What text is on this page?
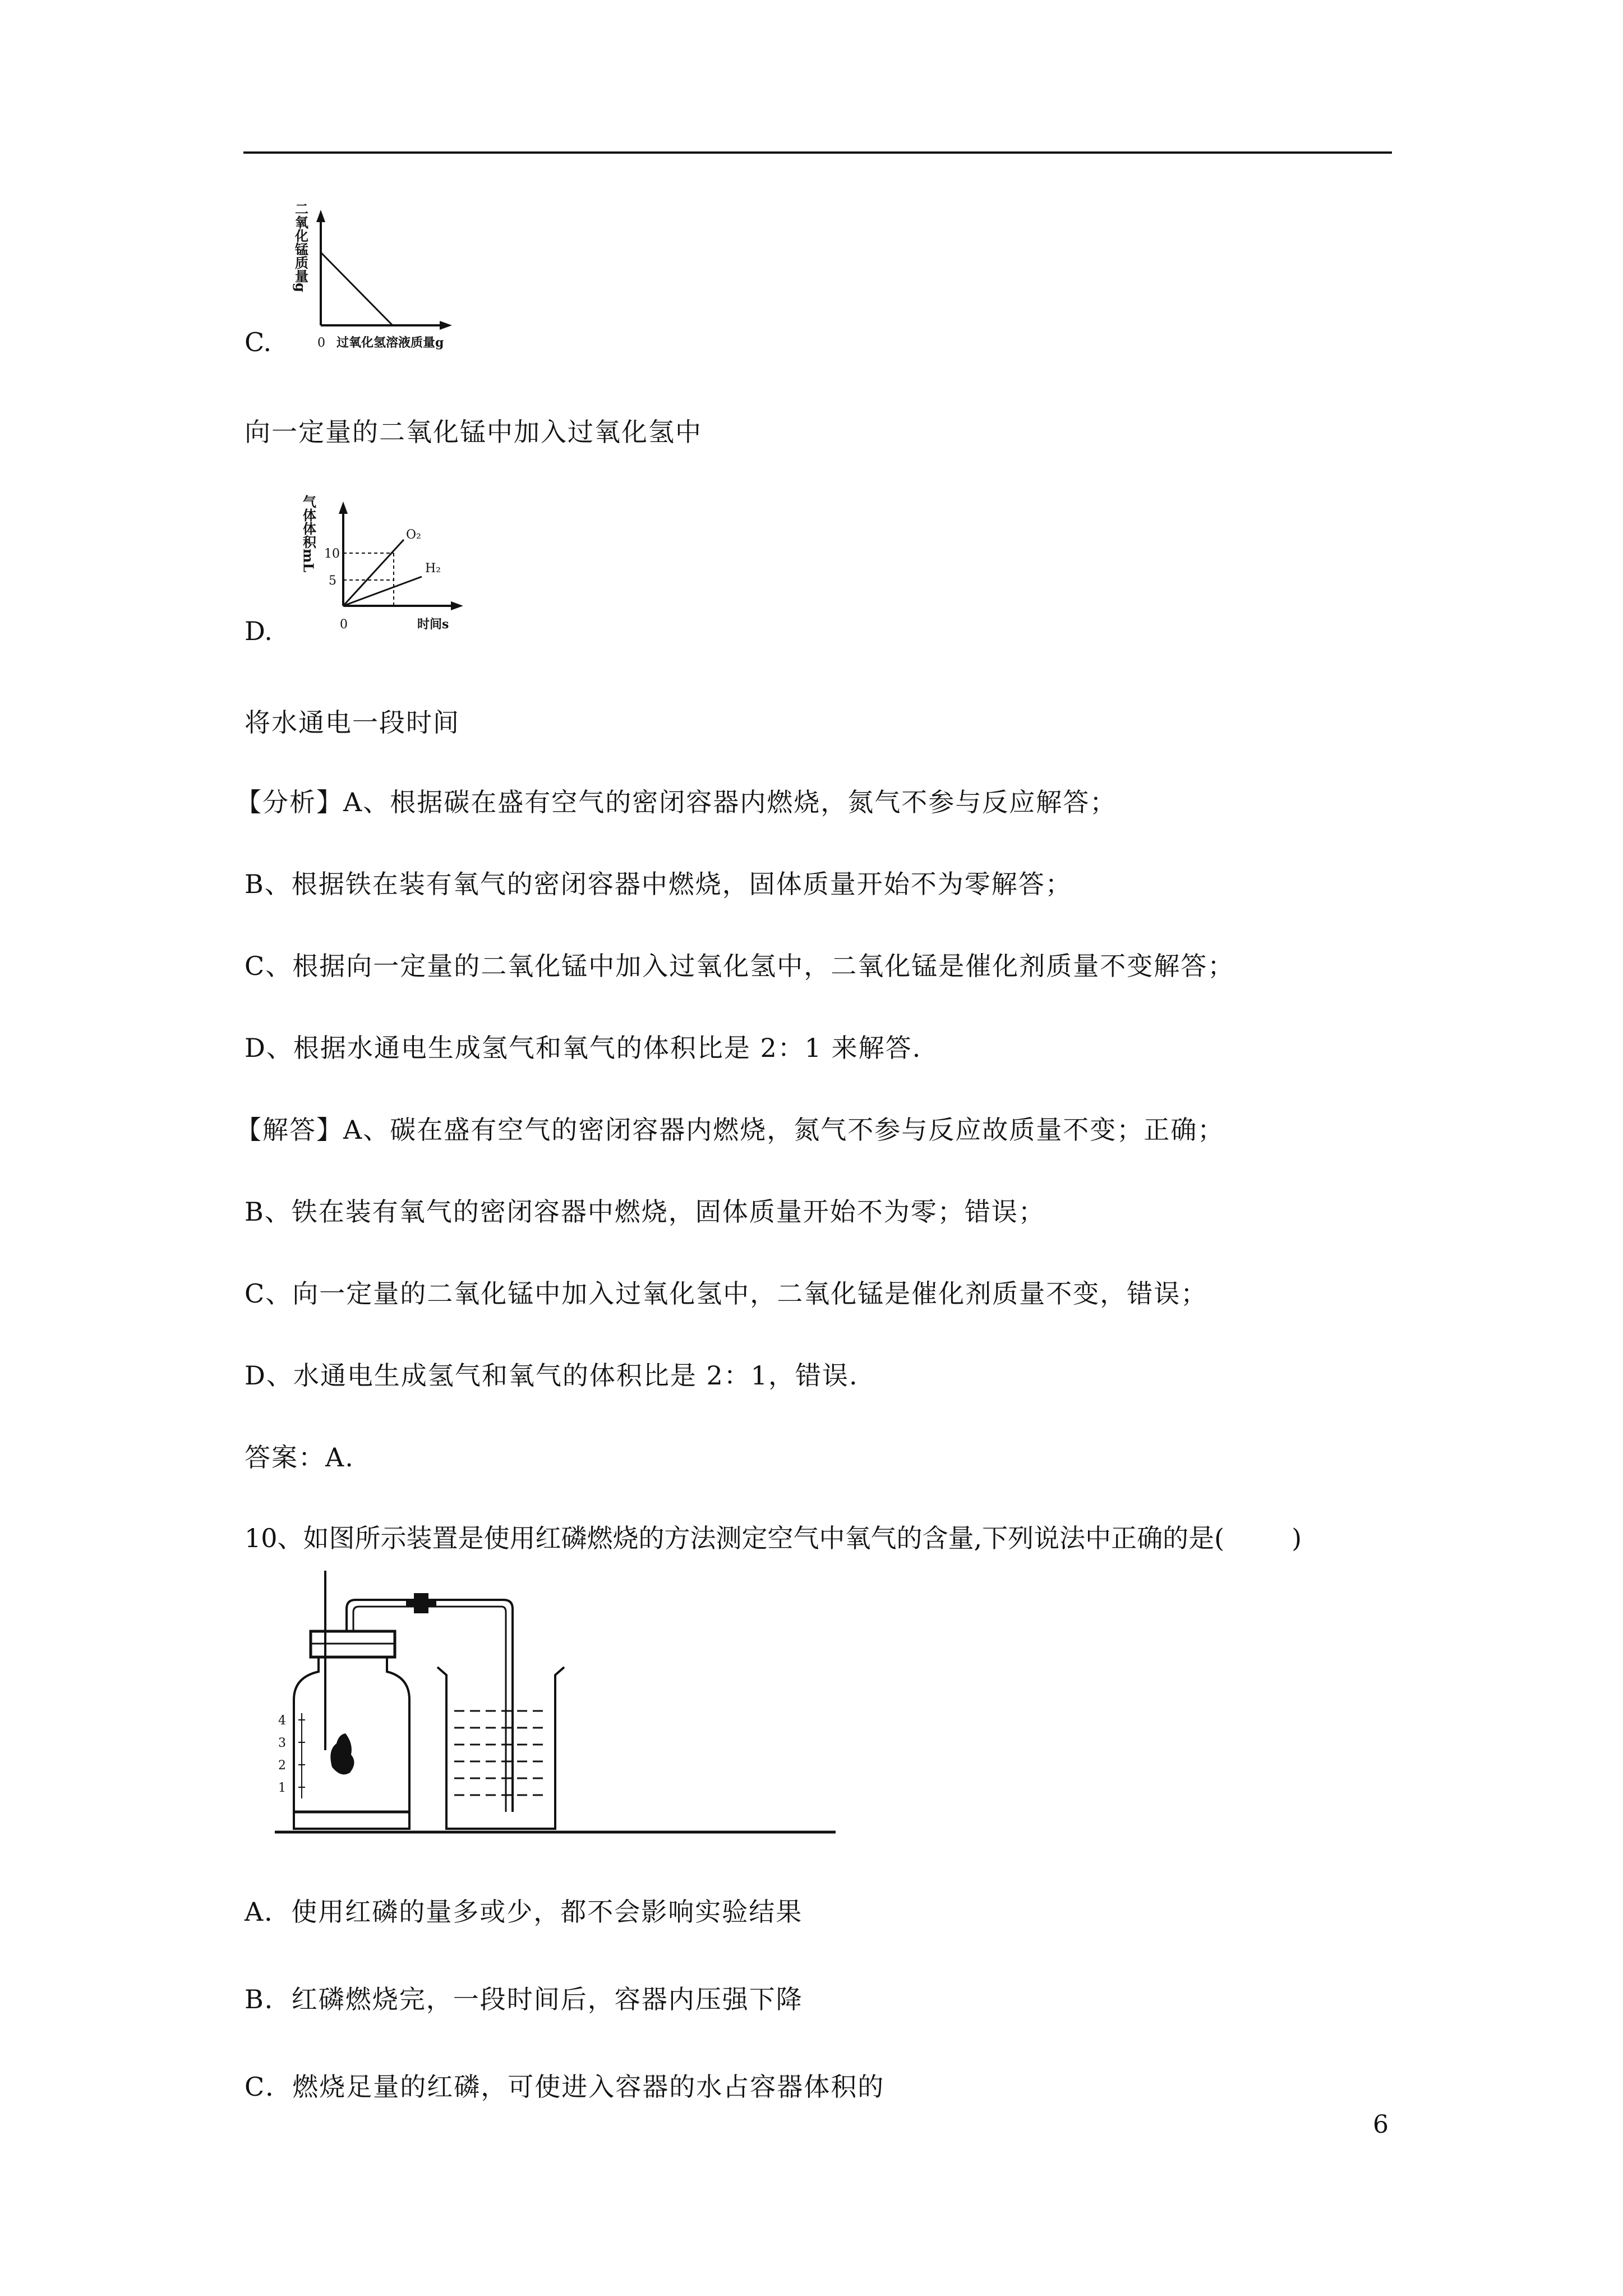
C.
二氧化锰质量g
0 过氧化氢溶液质量g
向一定量的二氧化锰中加入过氧化氢中
D.
气体体积mL 10
5
O₂
H₂
0	时间s
将水通电一段时间
【分析】A、根据碳在盛有空气的密闭容器内燃烧，氮气不参与反应解答；
B、根据铁在装有氧气的密闭容器中燃烧，固体质量开始不为零解答；
C、根据向一定量的二氧化锰中加入过氧化氢中，二氧化锰是催化剂质量不变解答；
D、根据水通电生成氢气和氧气的体积比是 2：1 来解答.
【解答】A、碳在盛有空气的密闭容器内燃烧，氮气不参与反应故质量不变；正确；
B、铁在装有氧气的密闭容器中燃烧，固体质量开始不为零；错误；
C、向一定量的二氧化锰中加入过氧化氢中，二氧化锰是催化剂质量不变，错误；
D、水通电生成氢气和氧气的体积比是 2：1，错误.
答案：A.
10、如图所示装置是使用红磷燃烧的方法测定空气中氧气的含量,下列说法中正确的是(	)
4
3
2
1
A．使用红磷的量多或少，都不会影响实验结果
B．红磷燃烧完，一段时间后，容器内压强下降
C．燃烧足量的红磷，可使进入容器的水占容器体积的
6
